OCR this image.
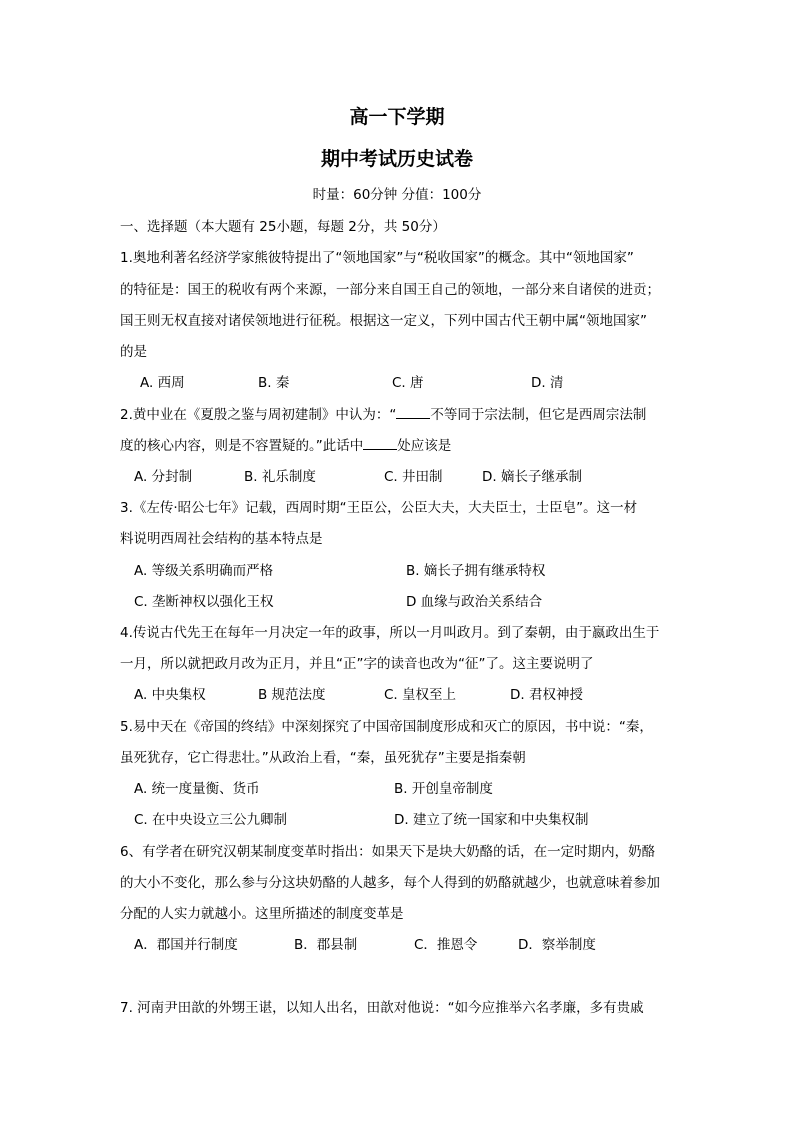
高一下学期
期中考试历史试卷
时量：60分钟 分值：100分
一、选择题（本大题有 25小题，每题 2分，共 50分）
1.奥地利著名经济学家熊彼特提出了“领地国家”与“税收国家”的概念。其中“领地国家”
的特征是：国王的税收有两个来源，一部分来自国王自己的领地，一部分来自诸侯的进贡；
国王则无权直接对诸侯领地进行征税。根据这一定义，下列中国古代王朝中属“领地国家”
的是
A. 西周	B. 秦	C. 唐	D. 清
2.黄中业在《夏殷之鉴与周初建制》中认为：“	不等同于宗法制，但它是西周宗法制
度的核心内容，则是不容置疑的。”此话中	处应该是
A. 分封制	B. 礼乐制度	C. 井田制	D. 嫡长子继承制
3.《左传·昭公七年》记载，西周时期“王臣公，公臣大夫，大夫臣士，士臣皂”。这一材
料说明西周社会结构的基本特点是
A. 等级关系明确而严格	B. 嫡长子拥有继承特权
C. 垄断神权以强化王权	D 血缘与政治关系结合
4.传说古代先王在每年一月决定一年的政事，所以一月叫政月。到了秦朝，由于嬴政出生于
一月，所以就把政月改为正月，并且“正”字的读音也改为“征”了。这主要说明了
A. 中央集权	B 规范法度	C. 皇权至上	D. 君权神授
5.易中天在《帝国的终结》中深刻探究了中国帝国制度形成和灭亡的原因，书中说：“秦，
虽死犹存，它亡得悲壮。”从政治上看，“秦，虽死犹存”主要是指秦朝
A. 统一度量衡、货币	B. 开创皇帝制度
C. 在中央设立三公九卿制	D. 建立了统一国家和中央集权制
6、有学者在研究汉朝某制度变革时指出：如果天下是块大奶酪的话，在一定时期内，奶酪
的大小不变化，那么参与分这块奶酪的人越多，每个人得到的奶酪就越少，也就意味着参加
分配的人实力就越小。这里所描述的制度变革是
A．郡国并行制度	B．郡县制	C．推恩令	D．察举制度
7. 河南尹田歆的外甥王谌，以知人出名，田歆对他说：“如今应推举六名孝廉，多有贵戚
